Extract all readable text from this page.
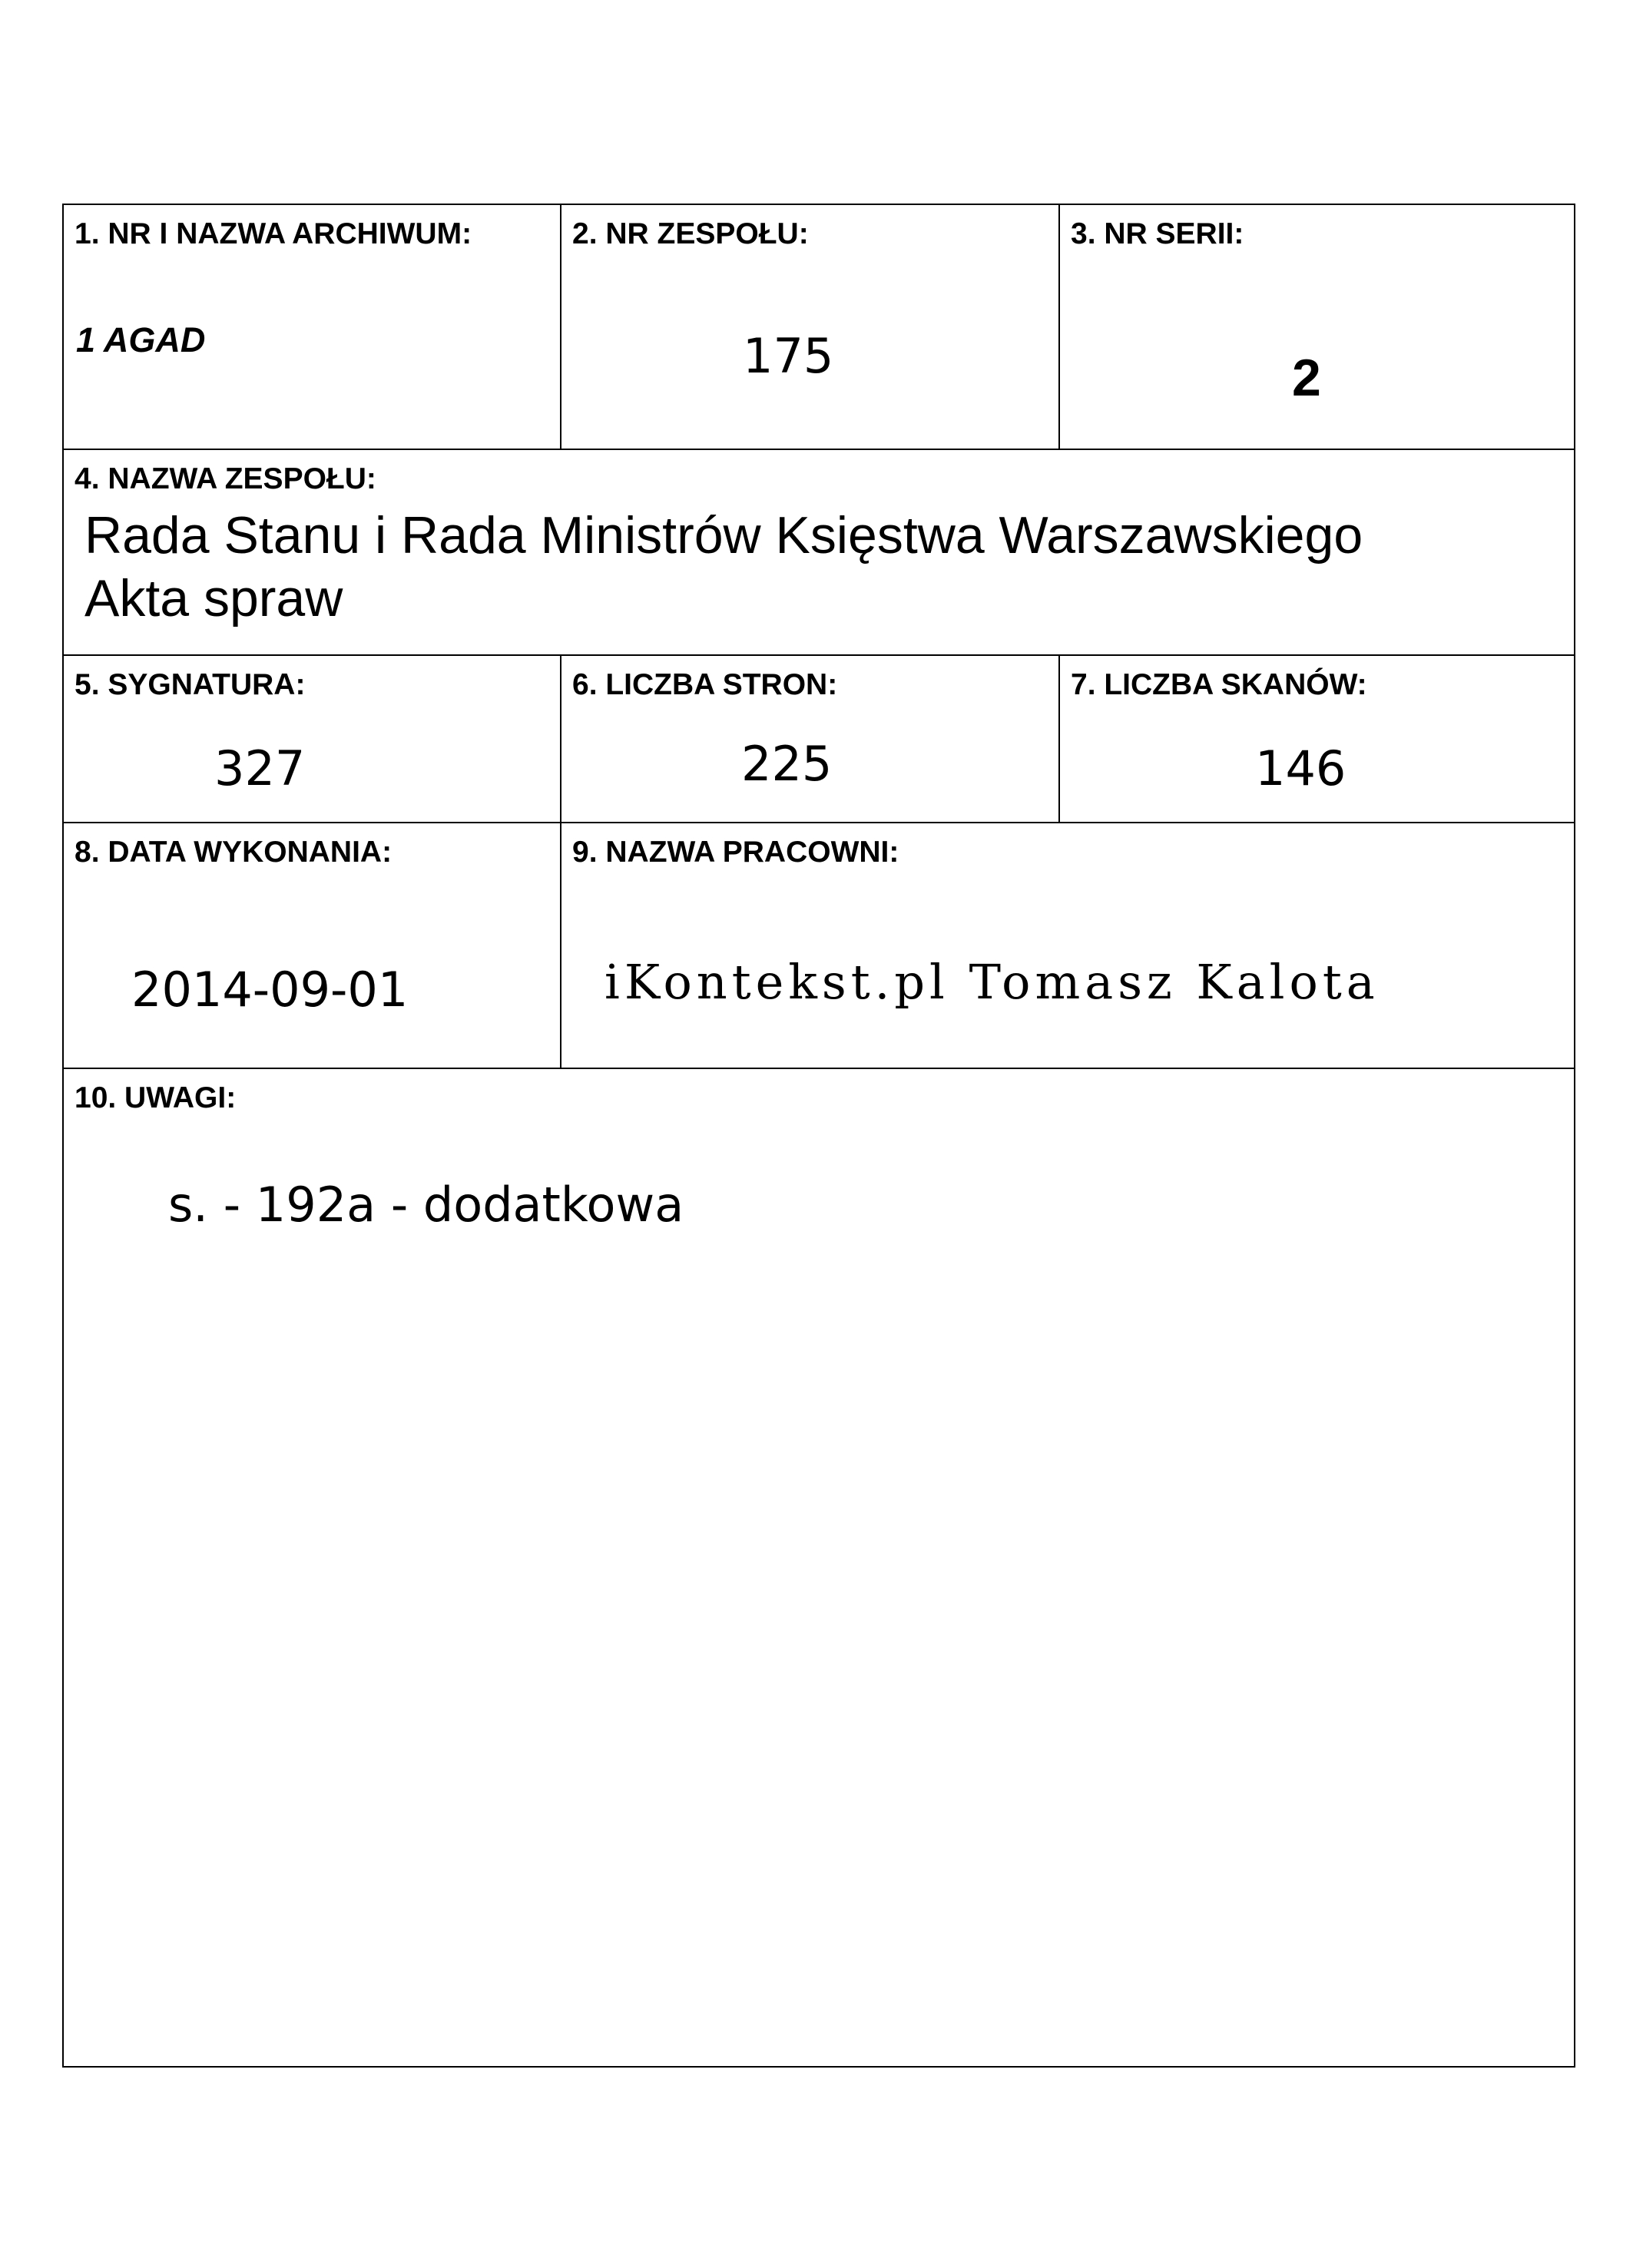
1. NR I NAZWA ARCHIWUM:
1 AGAD
2. NR ZESPOŁU:
175
3. NR SERII:
2
4. NAZWA ZESPOŁU:
Rada Stanu i Rada Ministrów Księstwa Warszawskiego
Akta spraw
5. SYGNATURA:
327
6. LICZBA STRON:
225
7. LICZBA SKANÓW:
146
8. DATA WYKONANIA:
2014-09-01
9. NAZWA PRACOWNI:
iKontekst.pl Tomasz Kalota
10. UWAGI:
s. - 192a - dodatkowa
